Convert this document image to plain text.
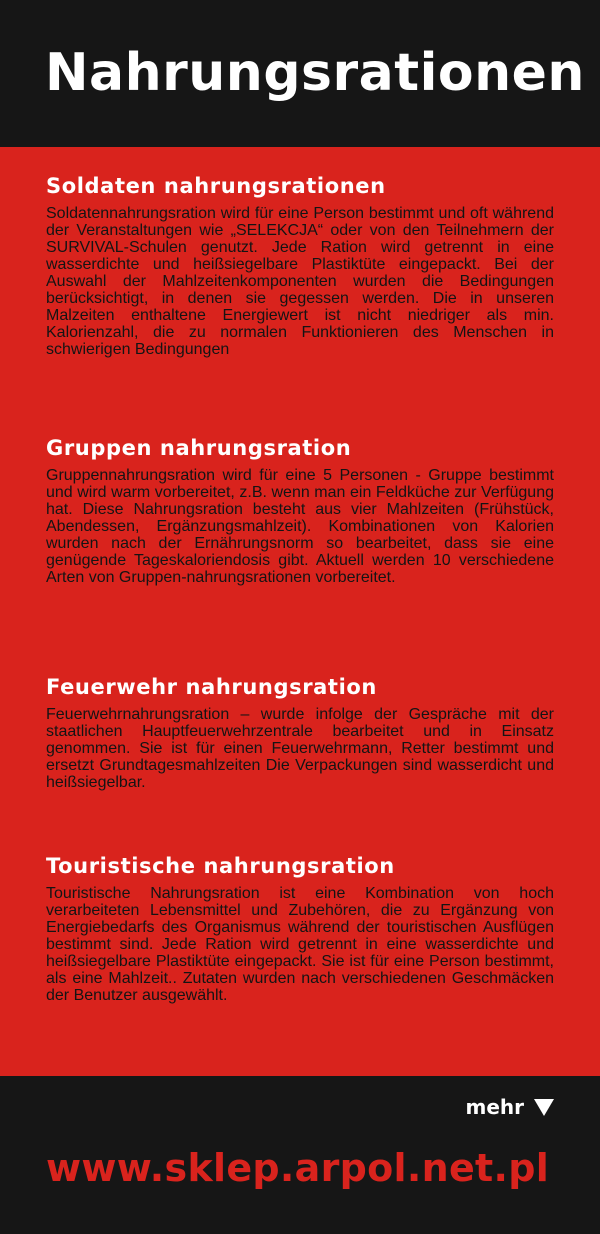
Nahrungsrationen
Soldaten nahrungsrationen

Soldatennahrungsration wird für eine Person bestimmt und oft während der Veranstaltungen wie „SELEKCJA“ oder von den Teilnehmern der SURVIVAL-Schulen genutzt. Jede Ration wird getrennt in eine wasserdichte und heißsiegelbare Plastiktüte eingepackt. Bei der Auswahl der Mahlzeitenkomponenten wurden die Bedingungen berücksichtigt, in denen sie gegessen werden. Die in unseren Malzeiten enthaltene Energiewert ist nicht niedriger als min. Kalorienzahl, die zu normalen Funktionieren des Menschen in schwierigen Bedingungen

Gruppen nahrungsration

Gruppennahrungsration wird für eine 5 Personen - Gruppe bestimmt und wird warm vorbereitet, z.B. wenn man ein Feldküche zur Verfügung hat. Diese Nahrungsration besteht aus vier Mahlzeiten (Frühstück, Abendessen, Ergänzungsmahlzeit). Kombinationen von Kalorien wurden nach der Ernährungsnorm so bearbeitet, dass sie eine genügende Tageskaloriendosis gibt. Aktuell werden 10 verschiedene Arten von Gruppen-nahrungsrationen vorbereitet.

Feuerwehr nahrungsration

Feuerwehrnahrungsration – wurde infolge der Gespräche mit der staatlichen Hauptfeuerwehrzentrale bearbeitet und in Einsatz genommen. Sie ist für einen Feuerwehrmann, Retter bestimmt und ersetzt Grundtagesmahlzeiten Die Verpackungen sind wasserdicht und heißsiegelbar.

Touristische nahrungsration

Touristische Nahrungsration ist eine Kombination von hoch verarbeiteten Lebensmittel und Zubehören, die zu Ergänzung von Energiebedarfs des Organismus während der touristischen Ausflügen bestimmt sind. Jede Ration wird getrennt in eine wasserdichte und heißsiegelbare Plastiktüte eingepackt. Sie ist für eine Person bestimmt, als eine Mahlzeit.. Zutaten wurden nach verschiedenen Geschmäcken der Benutzer ausgewählt.

mehr
www.sklep.arpol.net.pl
